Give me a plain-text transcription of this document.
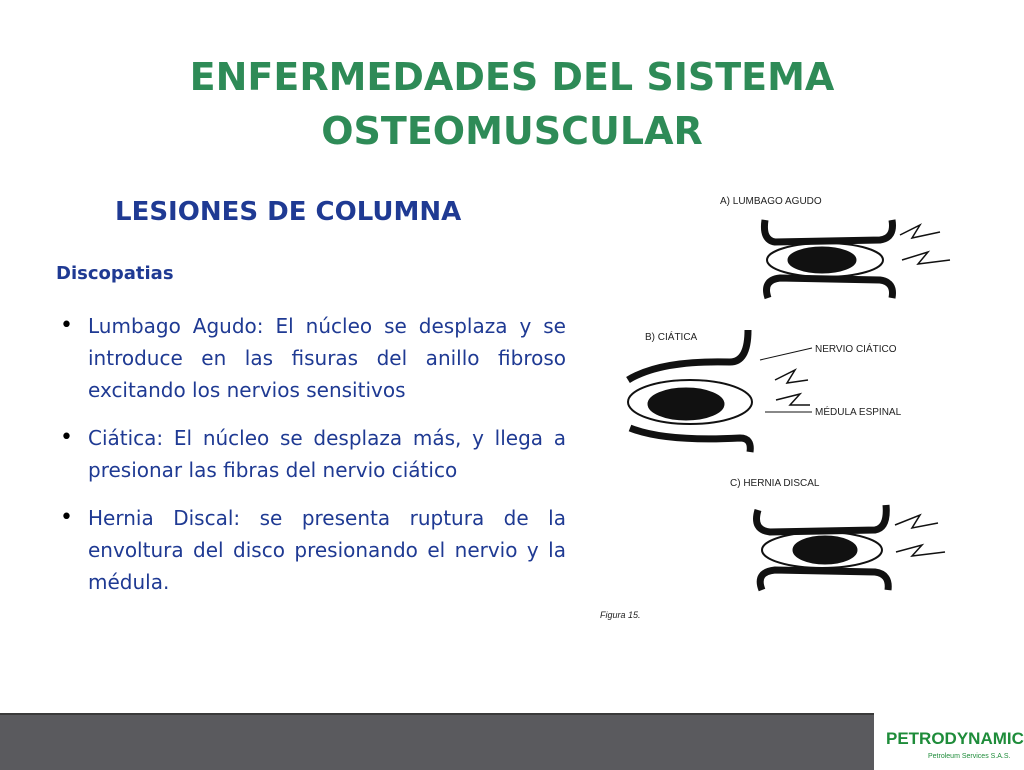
ENFERMEDADES DEL SISTEMA
OSTEOMUSCULAR
LESIONES DE COLUMNA
Discopatias
• Lumbago Agudo: El núcleo se desplaza y se introduce en las fisuras del anillo fibroso excitando los nervios sensitivos
• Ciática: El núcleo se desplaza más, y llega a presionar las fibras del nervio ciático
• Hernia Discal: se presenta ruptura de la envoltura del disco presionando el nervio y la médula.
A) LUMBAGO AGUDO
B) CIÁTICA
NERVIO CIÁTICO
MÉDULA ESPINAL
C) HERNIA DISCAL
Figura 15.
PETRODYNAMIC
Petroleum Services S.A.S.
